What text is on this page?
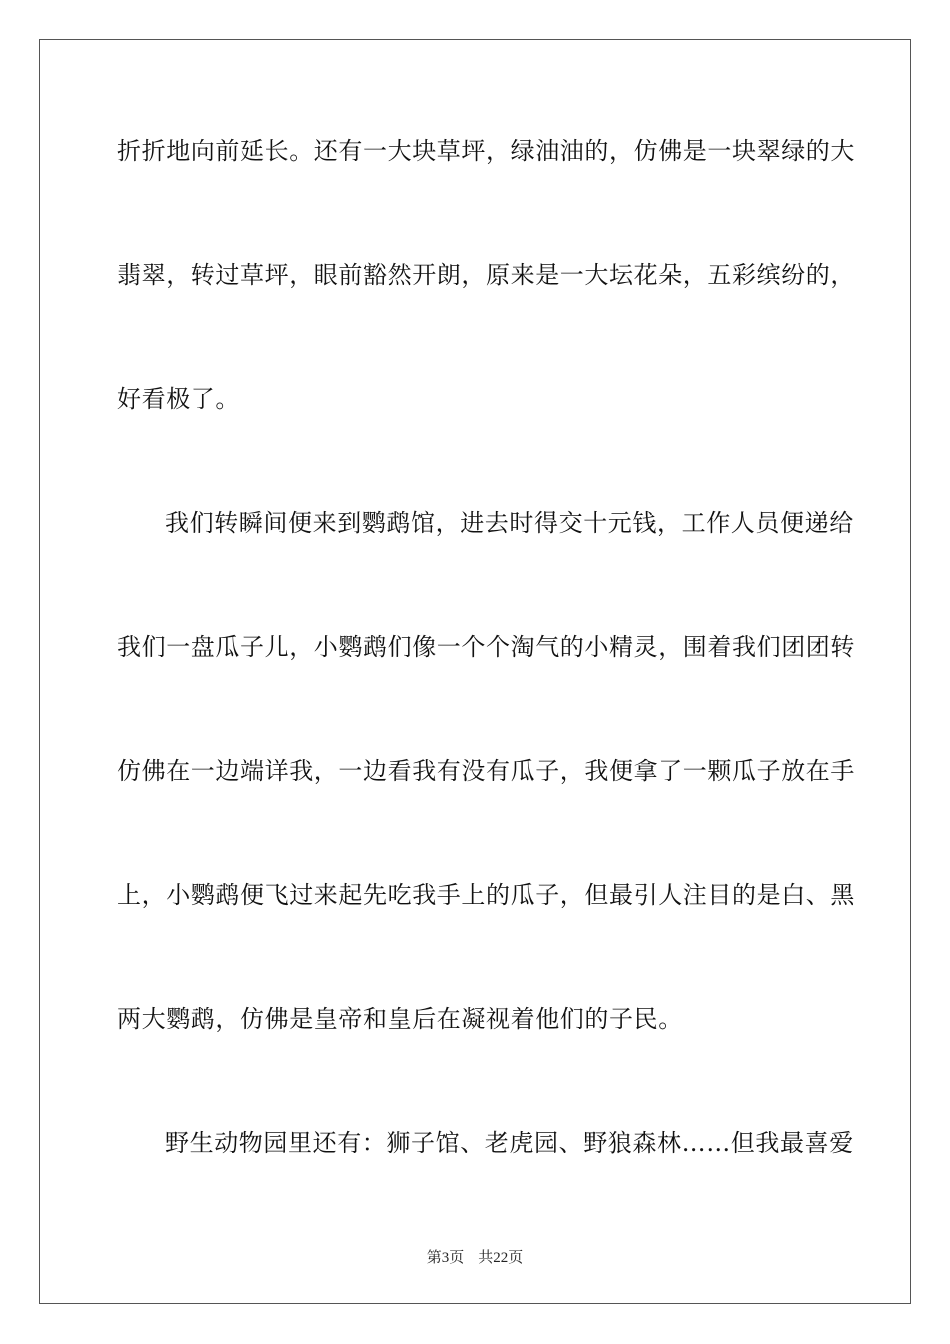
折折地向前延长。还有一大块草坪，绿油油的，仿佛是一块翠绿的大
翡翠，转过草坪，眼前豁然开朗，原来是一大坛花朵，五彩缤纷的，
好看极了。
我们转瞬间便来到鹦鹉馆，进去时得交十元钱，工作人员便递给
我们一盘瓜子儿，小鹦鹉们像一个个淘气的小精灵，围着我们团团转
仿佛在一边端详我，一边看我有没有瓜子，我便拿了一颗瓜子放在手
上，小鹦鹉便飞过来起先吃我手上的瓜子，但最引人注目的是白、黑
两大鹦鹉，仿佛是皇帝和皇后在凝视着他们的子民。
野生动物园里还有：狮子馆、老虎园、野狼森林……但我最喜爱
第3页 共22页
